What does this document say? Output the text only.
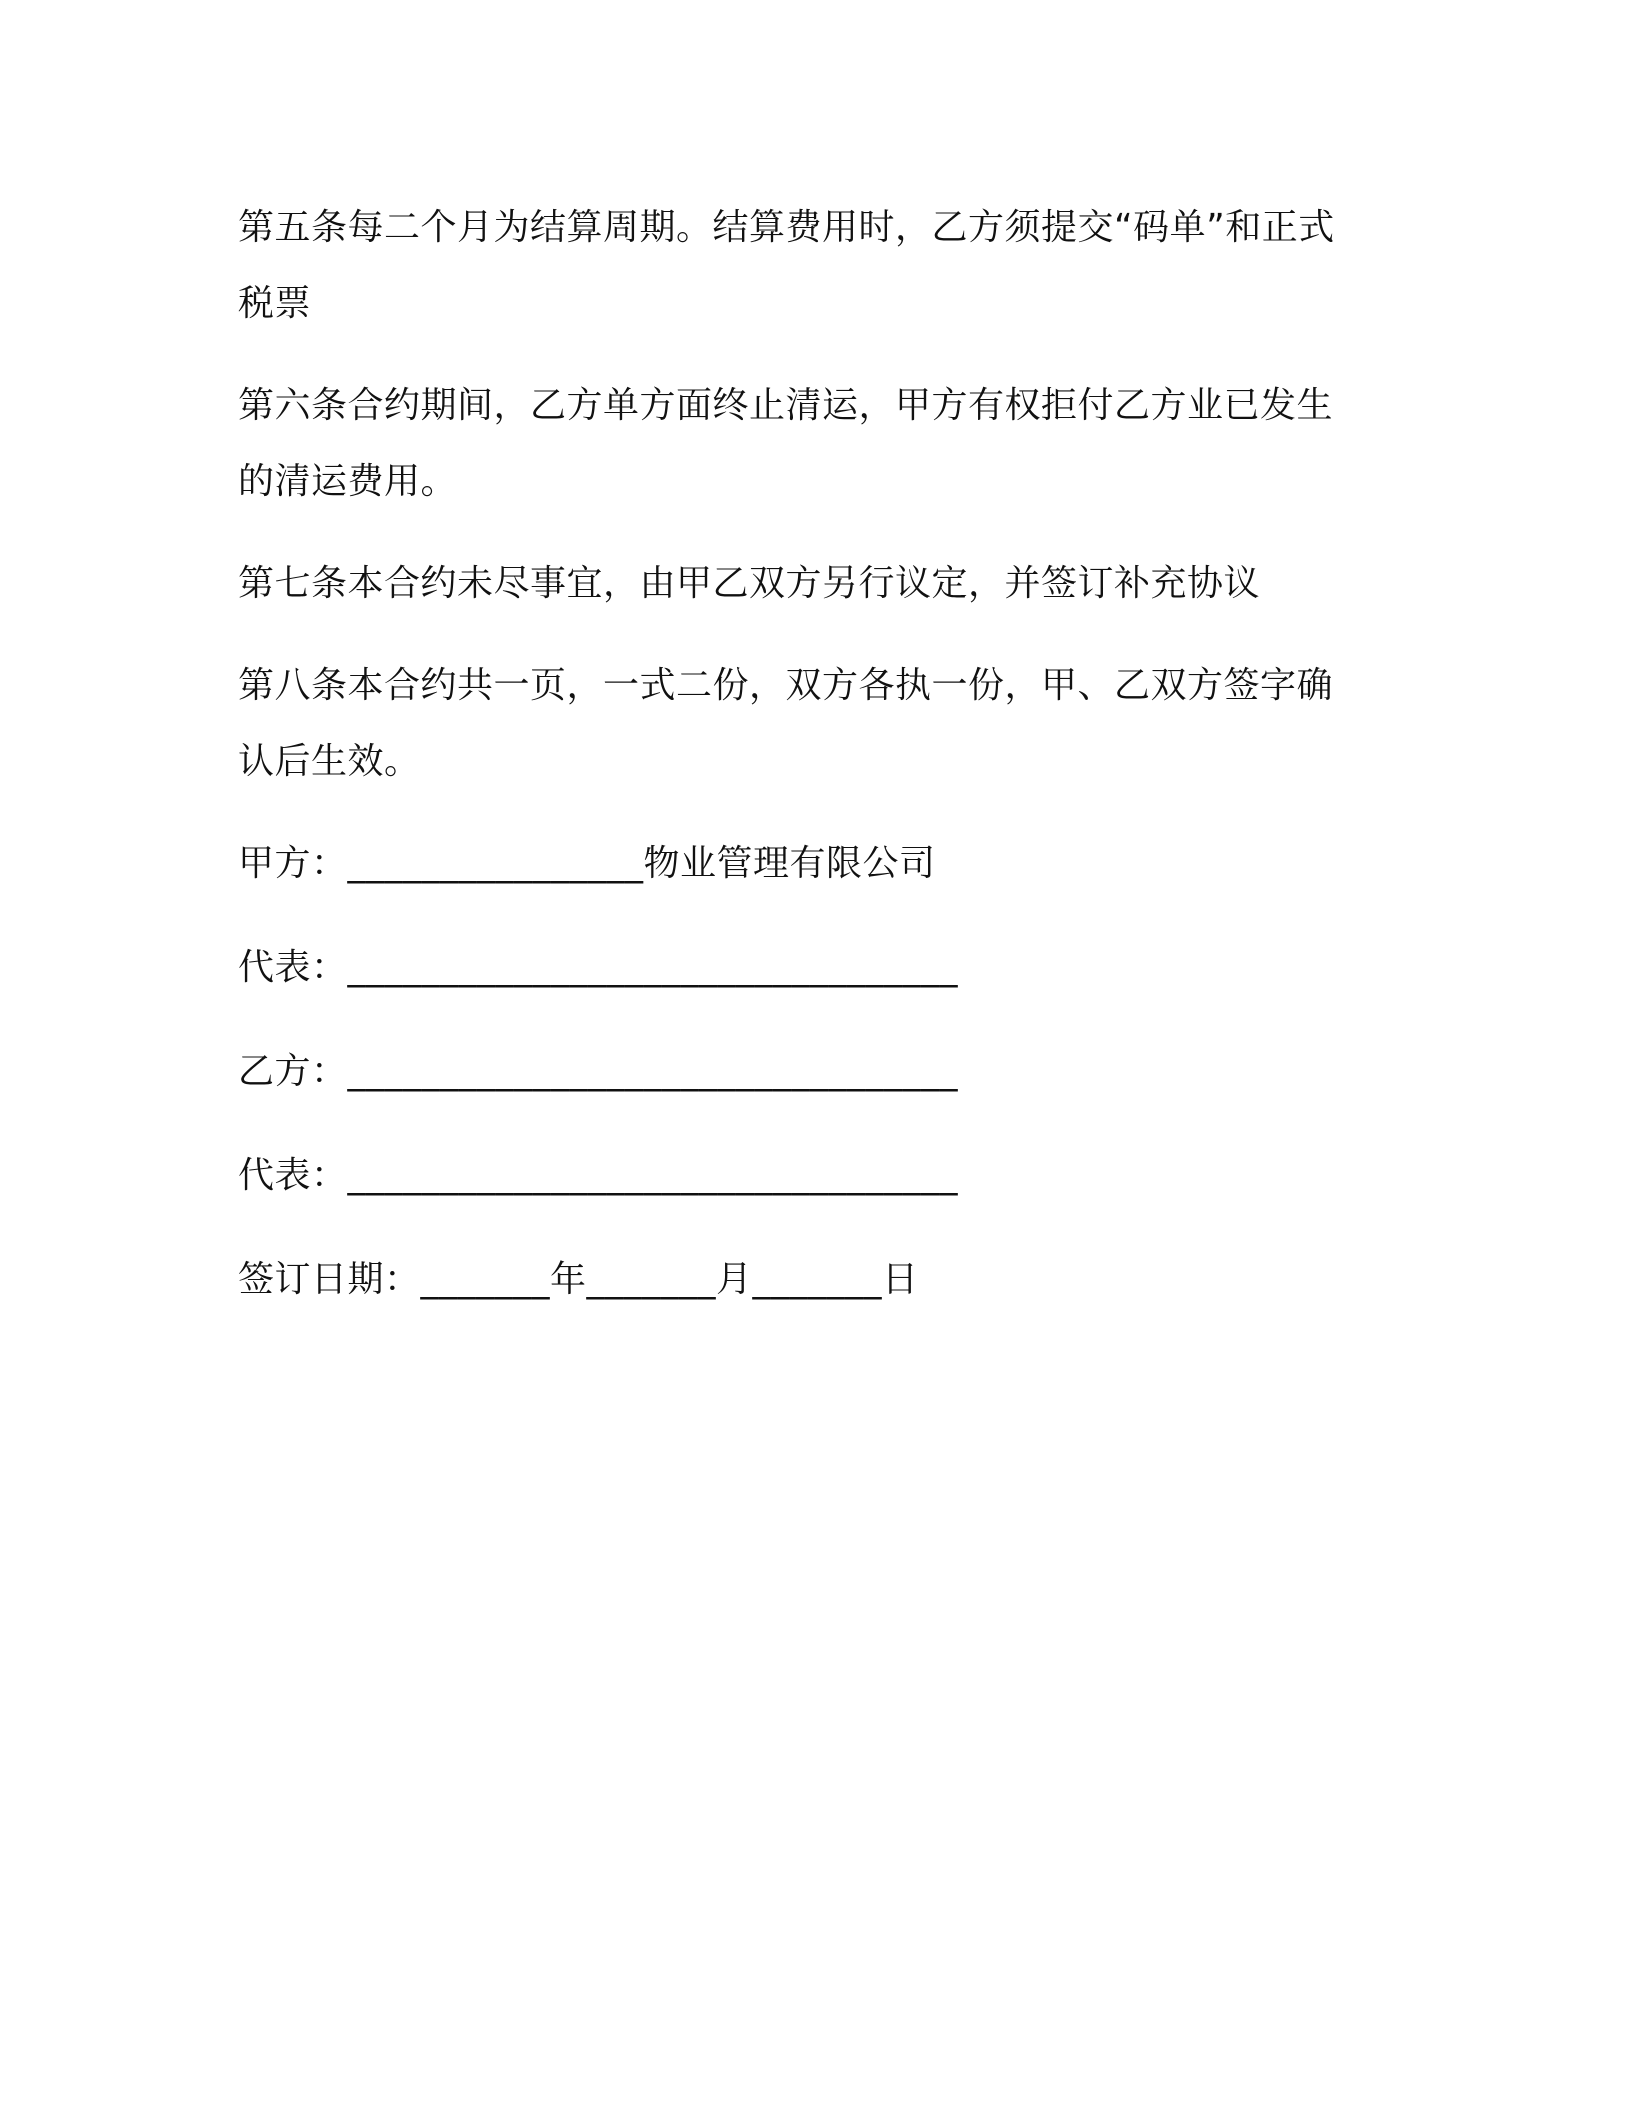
第五条每二个月为结算周期。结算费用时，乙方须提交“码单”和正式税票

第六条合约期间，乙方单方面终止清运，甲方有权拒付乙方业已发生的清运费用。

第七条本合约未尽事宜，由甲乙双方另行议定，并签订补充协议

第八条本合约共一页，一式二份，双方各执一份，甲、乙双方签字确认后生效。

甲方：________________物业管理有限公司
代表：_________________________________
乙方：_________________________________
代表：_________________________________
签订日期：_______年_______月_______日
